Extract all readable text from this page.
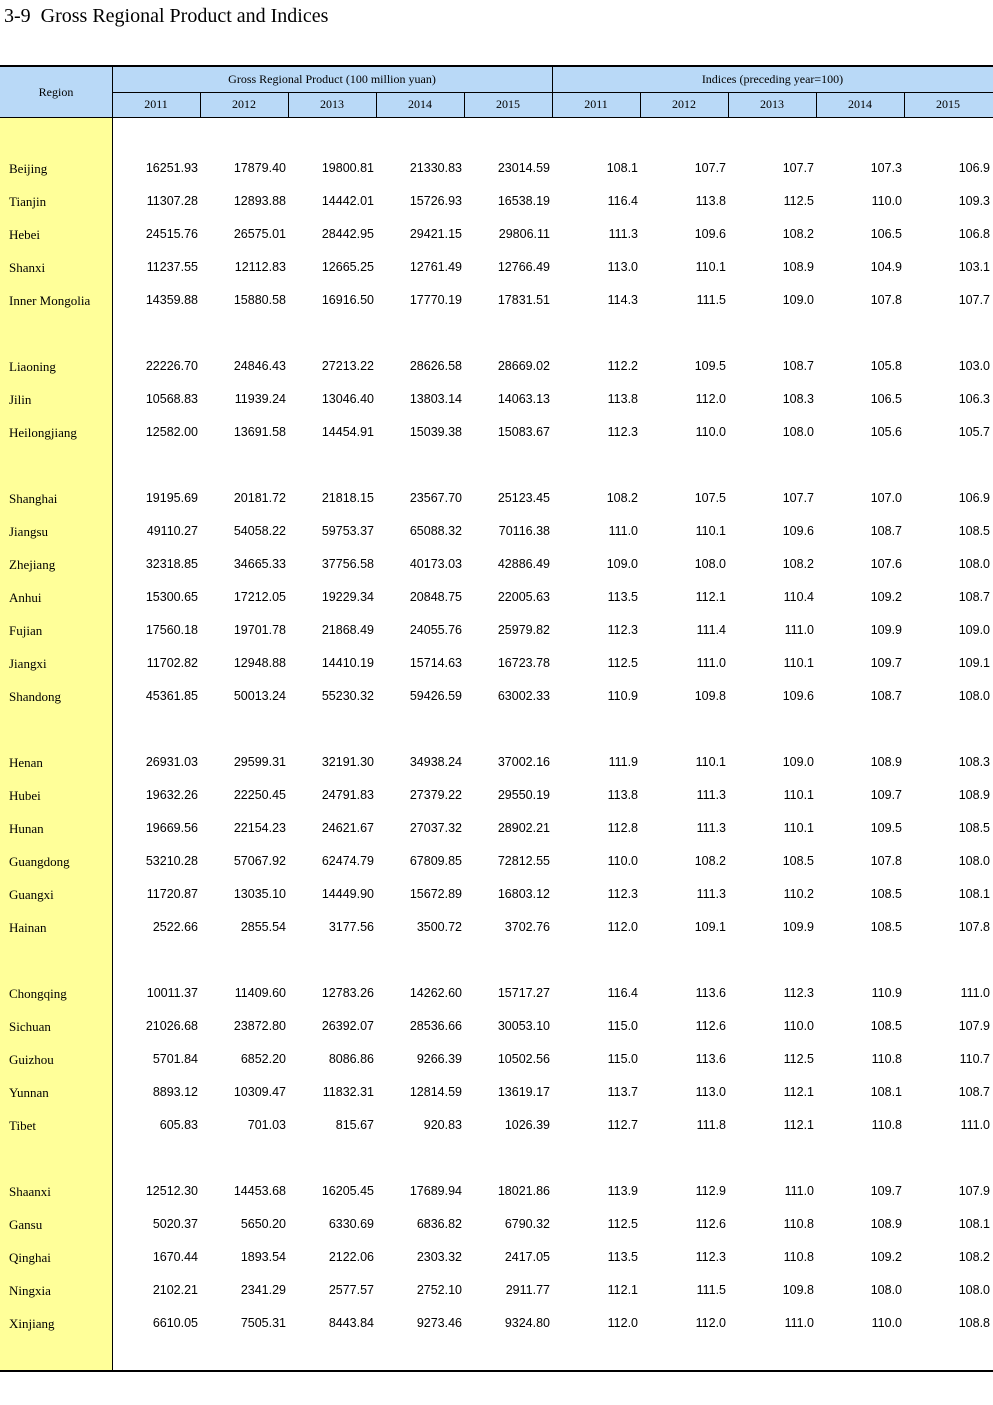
3-9  Gross Regional Product and Indices
Gross Regional Product (100 million yuan)	Indices (preceding year=100)
2011	2012	2013	2014	2015	2011	2012	2013	2014	2015
Region
Beijing	16251.93	17879.40	19800.81	21330.83	23014.59	108.1	107.7	107.7	107.3	106.9
Tianjin	11307.28	12893.88	14442.01	15726.93	16538.19	116.4	113.8	112.5	110.0	109.3
Hebei	24515.76	26575.01	28442.95	29421.15	29806.11	111.3	109.6	108.2	106.5	106.8
Shanxi	11237.55	12112.83	12665.25	12761.49	12766.49	113.0	110.1	108.9	104.9	103.1
Inner Mongolia	14359.88	15880.58	16916.50	17770.19	17831.51	114.3	111.5	109.0	107.8	107.7
Liaoning	22226.70	24846.43	27213.22	28626.58	28669.02	112.2	109.5	108.7	105.8	103.0
Jilin	10568.83	11939.24	13046.40	13803.14	14063.13	113.8	112.0	108.3	106.5	106.3
Heilongjiang	12582.00	13691.58	14454.91	15039.38	15083.67	112.3	110.0	108.0	105.6	105.7
Shanghai	19195.69	20181.72	21818.15	23567.70	25123.45	108.2	107.5	107.7	107.0	106.9
Jiangsu	49110.27	54058.22	59753.37	65088.32	70116.38	111.0	110.1	109.6	108.7	108.5
Zhejiang	32318.85	34665.33	37756.58	40173.03	42886.49	109.0	108.0	108.2	107.6	108.0
Anhui	15300.65	17212.05	19229.34	20848.75	22005.63	113.5	112.1	110.4	109.2	108.7
Fujian	17560.18	19701.78	21868.49	24055.76	25979.82	112.3	111.4	111.0	109.9	109.0
Jiangxi	11702.82	12948.88	14410.19	15714.63	16723.78	112.5	111.0	110.1	109.7	109.1
Shandong	45361.85	50013.24	55230.32	59426.59	63002.33	110.9	109.8	109.6	108.7	108.0
Henan	26931.03	29599.31	32191.30	34938.24	37002.16	111.9	110.1	109.0	108.9	108.3
Hubei	19632.26	22250.45	24791.83	27379.22	29550.19	113.8	111.3	110.1	109.7	108.9
Hunan	19669.56	22154.23	24621.67	27037.32	28902.21	112.8	111.3	110.1	109.5	108.5
Guangdong	53210.28	57067.92	62474.79	67809.85	72812.55	110.0	108.2	108.5	107.8	108.0
Guangxi	11720.87	13035.10	14449.90	15672.89	16803.12	112.3	111.3	110.2	108.5	108.1
Hainan	2522.66	2855.54	3177.56	3500.72	3702.76	112.0	109.1	109.9	108.5	107.8
Chongqing	10011.37	11409.60	12783.26	14262.60	15717.27	116.4	113.6	112.3	110.9	111.0
Sichuan	21026.68	23872.80	26392.07	28536.66	30053.10	115.0	112.6	110.0	108.5	107.9
Guizhou	5701.84	6852.20	8086.86	9266.39	10502.56	115.0	113.6	112.5	110.8	110.7
Yunnan	8893.12	10309.47	11832.31	12814.59	13619.17	113.7	113.0	112.1	108.1	108.7
Tibet	605.83	701.03	815.67	920.83	1026.39	112.7	111.8	112.1	110.8	111.0
Shaanxi	12512.30	14453.68	16205.45	17689.94	18021.86	113.9	112.9	111.0	109.7	107.9
Gansu	5020.37	5650.20	6330.69	6836.82	6790.32	112.5	112.6	110.8	108.9	108.1
Qinghai	1670.44	1893.54	2122.06	2303.32	2417.05	113.5	112.3	110.8	109.2	108.2
Ningxia	2102.21	2341.29	2577.57	2752.10	2911.77	112.1	111.5	109.8	108.0	108.0
Xinjiang	6610.05	7505.31	8443.84	9273.46	9324.80	112.0	112.0	111.0	110.0	108.8
